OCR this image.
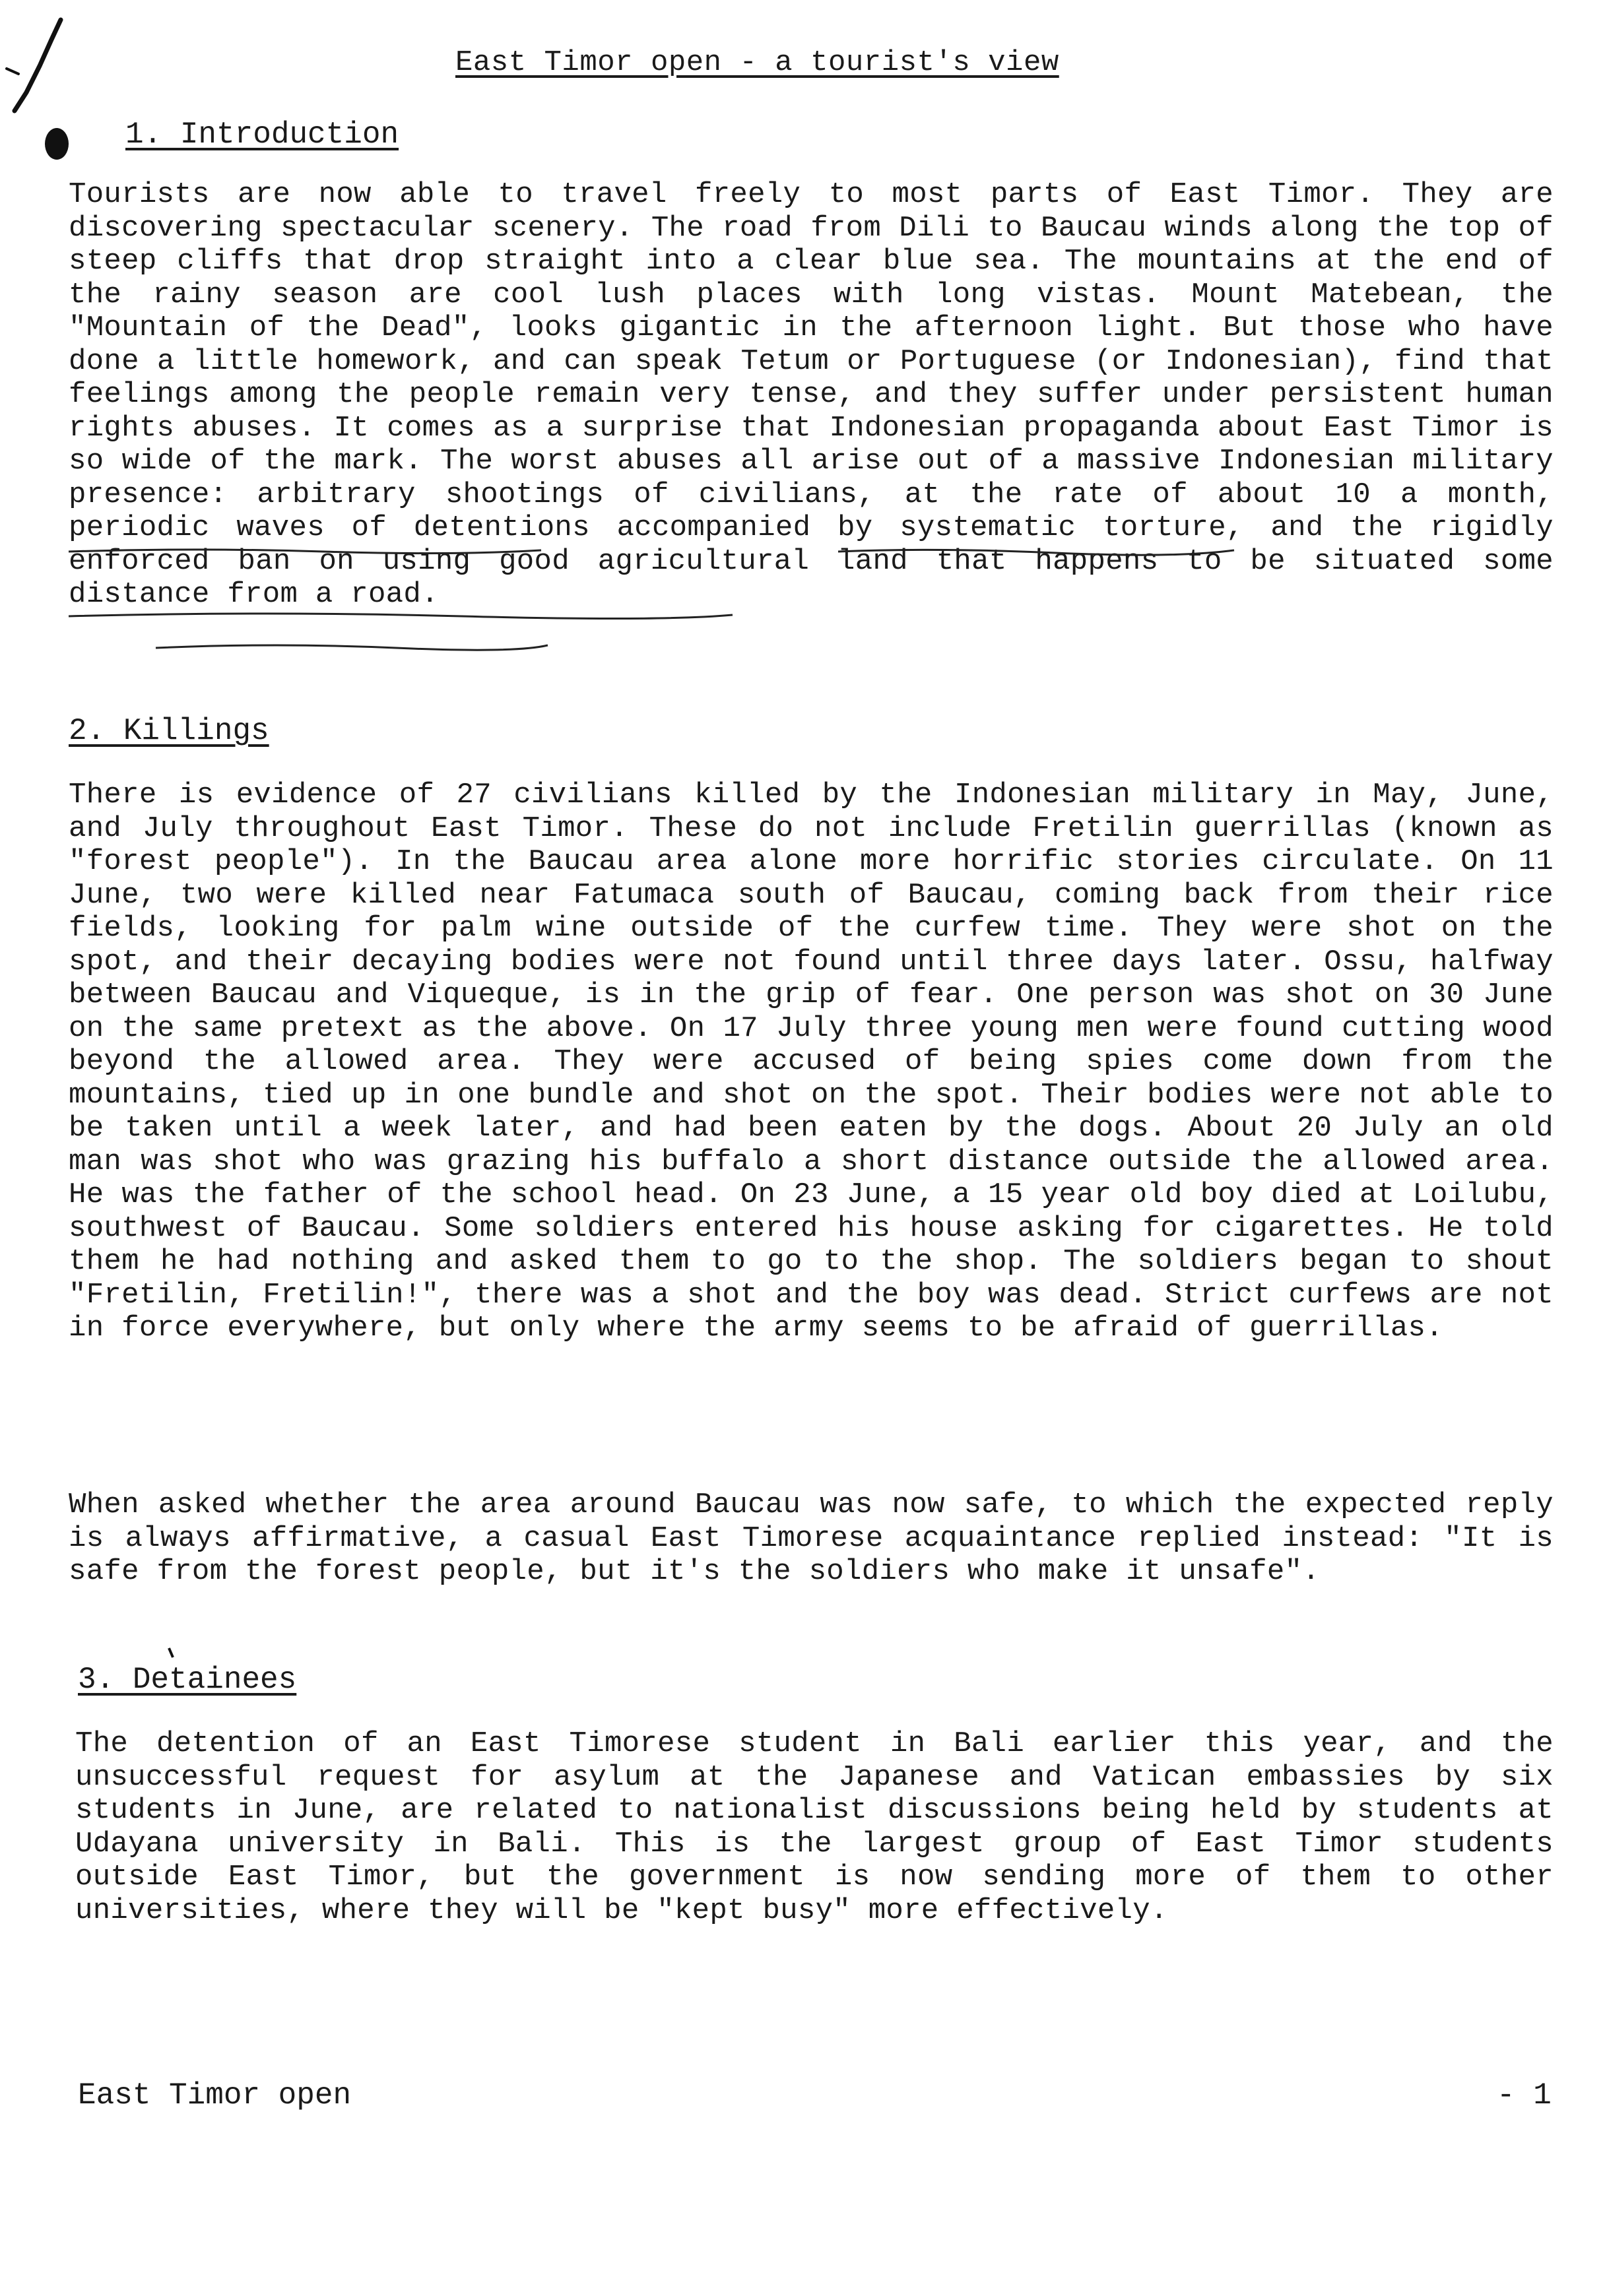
East Timor open - a tourist's view
1. Introduction
Tourists are now able to travel freely to most parts of East Timor. They are discovering spectacular scenery. The road from Dili to Baucau winds along the top of steep cliffs that drop straight into a clear blue sea. The mountains at the end of the rainy season are cool lush places with long vistas. Mount Matebean, the "Mountain of the Dead", looks gigantic in the afternoon light. But those who have done a little homework, and can speak Tetum or Portuguese (or Indonesian), find that feelings among the people remain very tense, and they suffer under persistent human rights abuses. It comes as a surprise that Indonesian propaganda about East Timor is so wide of the mark. The worst abuses all arise out of a massive Indonesian military presence: arbitrary shootings of civilians, at the rate of about 10 a month, periodic waves of detentions accompanied by systematic torture, and the rigidly enforced ban on using good agricultural land that happens to be situated some distance from a road.
2. Killings
There is evidence of 27 civilians killed by the Indonesian military in May, June, and July throughout East Timor. These do not include Fretilin guerrillas (known as "forest people"). In the Baucau area alone more horrific stories circulate. On 11 June, two were killed near Fatumaca south of Baucau, coming back from their rice fields, looking for palm wine outside of the curfew time. They were shot on the spot, and their decaying bodies were not found until three days later. Ossu, halfway between Baucau and Viqueque, is in the grip of fear. One person was shot on 30 June on the same pretext as the above. On 17 July three young men were found cutting wood beyond the allowed area. They were accused of being spies come down from the mountains, tied up in one bundle and shot on the spot. Their bodies were not able to be taken until a week later, and had been eaten by the dogs. About 20 July an old man was shot who was grazing his buffalo a short distance outside the allowed area. He was the father of the school head. On 23 June, a 15 year old boy died at Loilubu, southwest of Baucau. Some soldiers entered his house asking for cigarettes. He told them he had nothing and asked them to go to the shop. The soldiers began to shout "Fretilin, Fretilin!", there was a shot and the boy was dead. Strict curfews are not in force everywhere, but only where the army seems to be afraid of guerrillas.
When asked whether the area around Baucau was now safe, to which the expected reply is always affirmative, a casual East Timorese acquaintance replied instead: "It is safe from the forest people, but it's the soldiers who make it unsafe".
3. Detainees
The detention of an East Timorese student in Bali earlier this year, and the unsuccessful request for asylum at the Japanese and Vatican embassies by six students in June, are related to nationalist discussions being held by students at Udayana university in Bali. This is the largest group of East Timor students outside East Timor, but the government is now sending more of them to other universities, where they will be "kept busy" more effectively.
East Timor open	- 1
